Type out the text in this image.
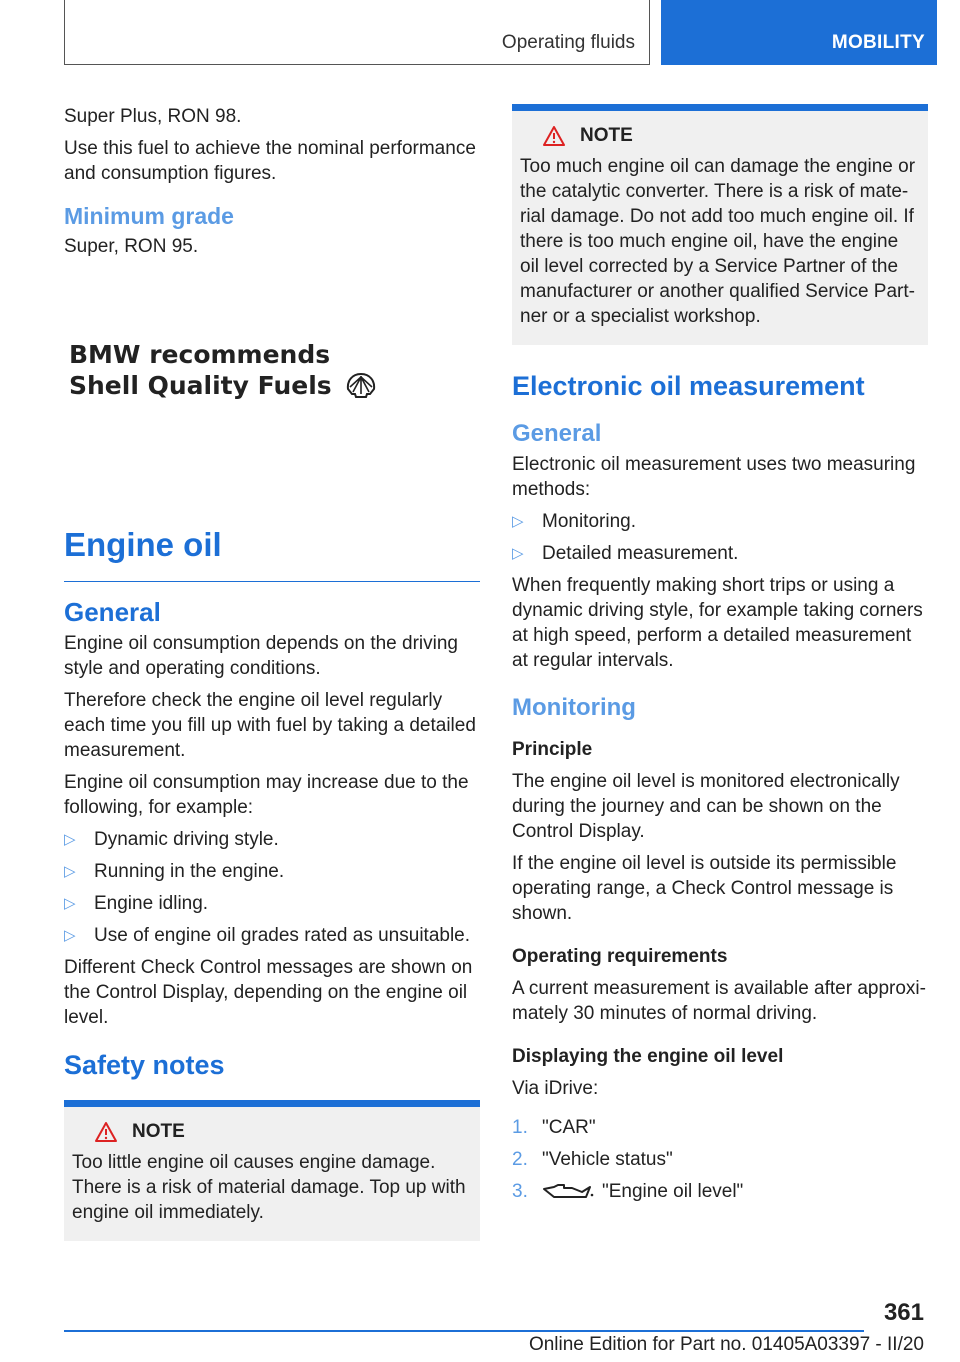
Operating fluids	MOBILITY

Super Plus, RON 98.

Use this fuel to achieve the nominal performance and consumption figures.

Minimum grade

Super, RON 95.

BMW recommends
Shell Quality Fuels
Engine oil
General

Engine oil consumption depends on the driving style and operating conditions.

Therefore check the engine oil level regularly each time you fill up with fuel by taking a detailed measurement.

Engine oil consumption may increase due to the following, for example:

▷ Dynamic driving style.
▷ Running in the engine.
▷ Engine idling.
▷ Use of engine oil grades rated as unsuitable.

Different Check Control messages are shown on the Control Display, depending on the engine oil level.

Safety notes
NOTE

Too little engine oil causes engine damage. There is a risk of material damage. Top up with engine oil immediately.

NOTE

Too much engine oil can damage the engine or the catalytic converter. There is a risk of mate-rial damage. Do not add too much engine oil. If there is too much engine oil, have the engine oil level corrected by a Service Partner of the manufacturer or another qualified Service Part-ner or a specialist workshop.

Electronic oil measurement
General

Electronic oil measurement uses two measuring methods:

▷ Monitoring.
▷ Detailed measurement.

When frequently making short trips or using a dynamic driving style, for example taking corners at high speed, perform a detailed measurement at regular intervals.

Monitoring
Principle

The engine oil level is monitored electronically during the journey and can be shown on the Control Display.

If the engine oil level is outside its permissible operating range, a Check Control message is shown.

Operating requirements

A current measurement is available after approxi-mately 30 minutes of normal driving.

Displaying the engine oil level

Via iDrive:

1. "CAR"
2. "Vehicle status"
3.	"Engine oil level"
361
Online Edition for Part no. 01405A03397 - II/20
